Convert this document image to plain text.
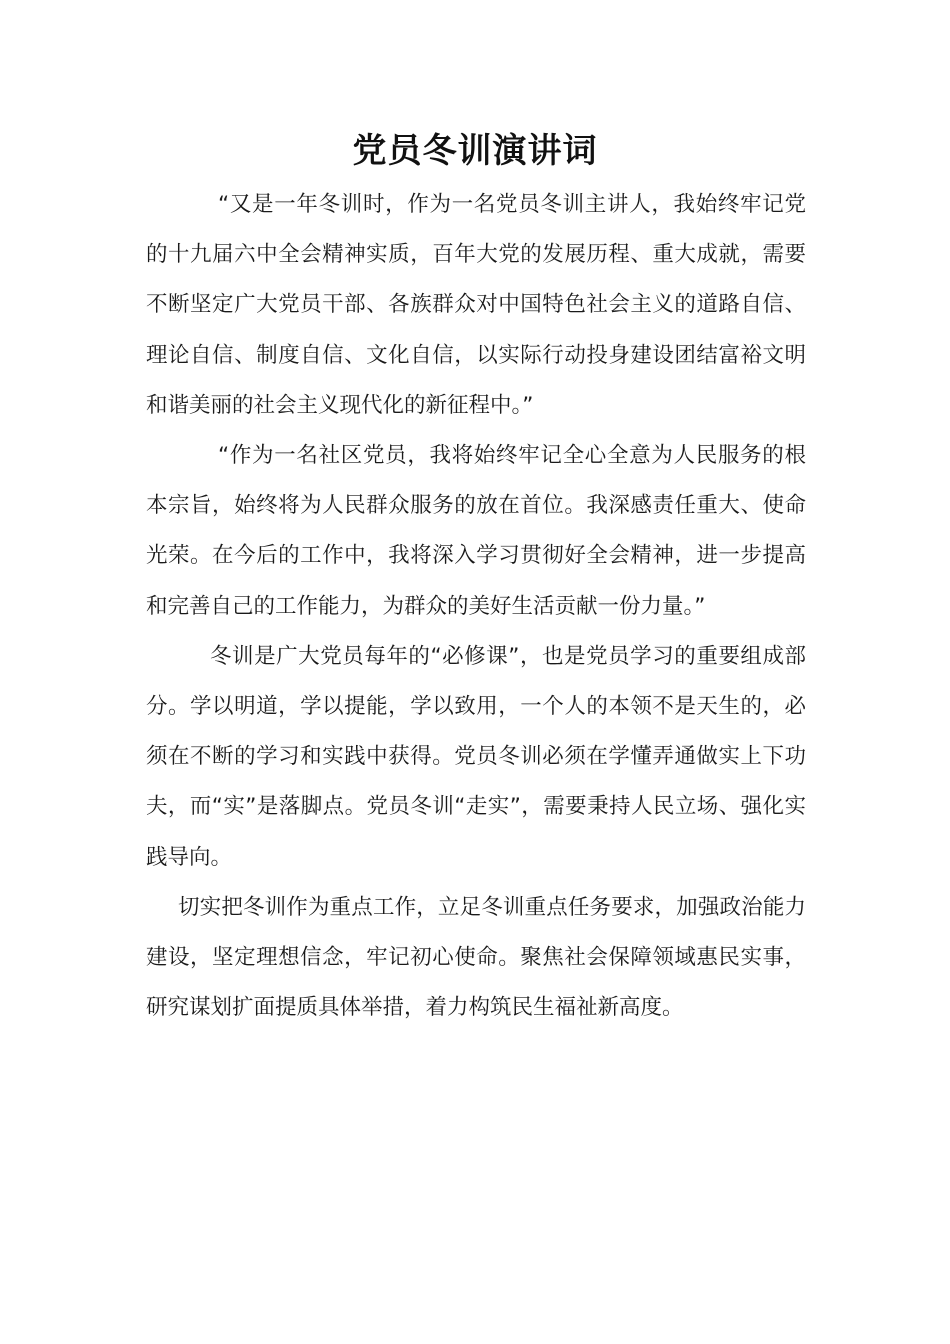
党员冬训演讲词

“又是一年冬训时，作为一名党员冬训主讲人，我始终牢记党的十九届六中全会精神实质，百年大党的发展历程、重大成就，需要不断坚定广大党员干部、各族群众对中国特色社会主义的道路自信、理论自信、制度自信、文化自信，以实际行动投身建设团结富裕文明和谐美丽的社会主义现代化的新征程中。”

“作为一名社区党员，我将始终牢记全心全意为人民服务的根本宗旨，始终将为人民群众服务的放在首位。我深感责任重大、使命光荣。在今后的工作中，我将深入学习贯彻好全会精神，进一步提高和完善自己的工作能力，为群众的美好生活贡献一份力量。”

冬训是广大党员每年的“必修课”，也是党员学习的重要组成部分。学以明道，学以提能，学以致用，一个人的本领不是天生的，必须在不断的学习和实践中获得。党员冬训必须在学懂弄通做实上下功夫，而“实”是落脚点。党员冬训“走实”，需要秉持人民立场、强化实践导向。

切实把冬训作为重点工作，立足冬训重点任务要求，加强政治能力建设，坚定理想信念，牢记初心使命。聚焦社会保障领域惠民实事，研究谋划扩面提质具体举措，着力构筑民生福祉新高度。
